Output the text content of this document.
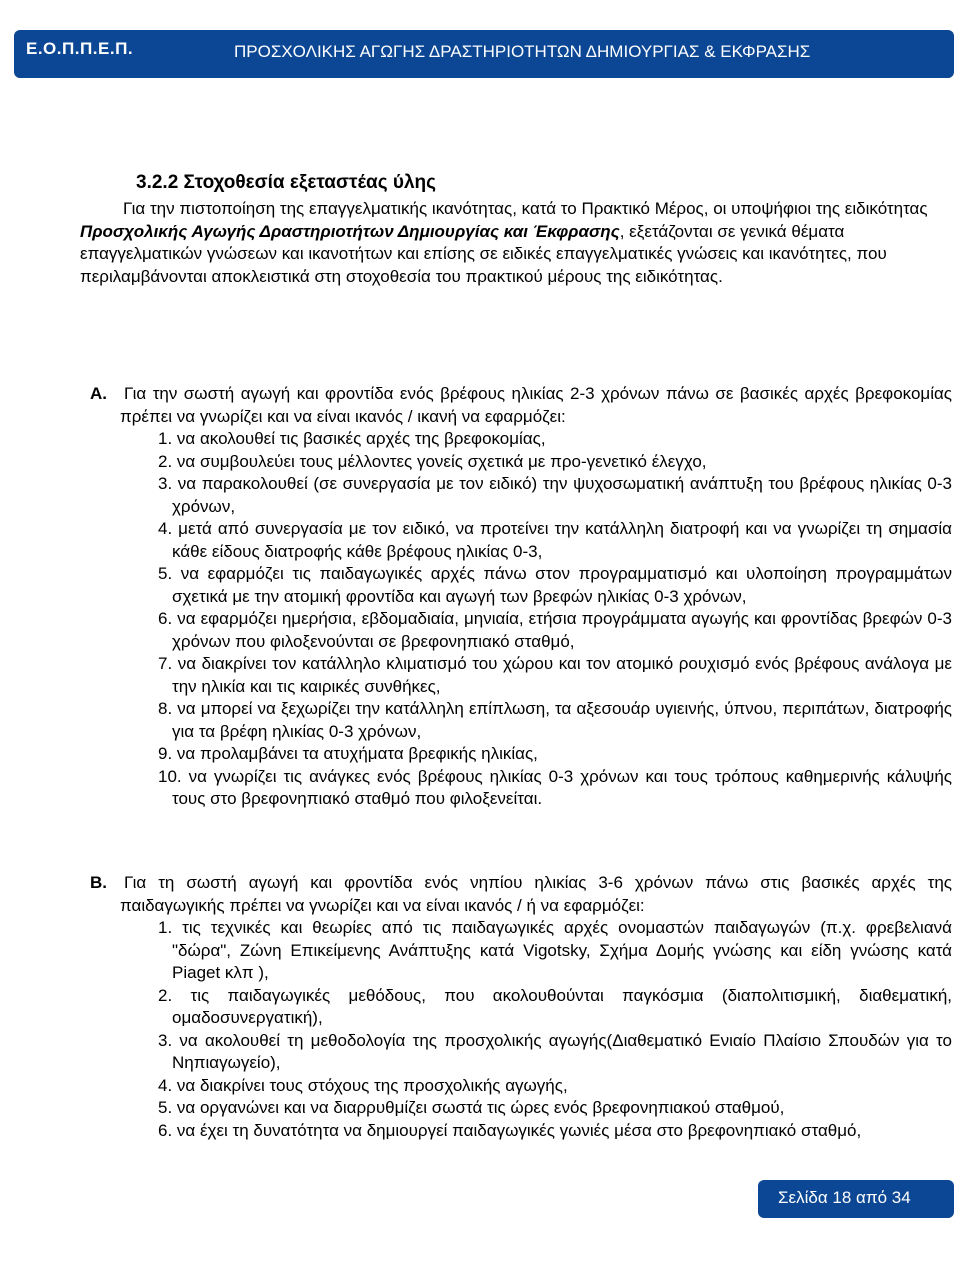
Ε.Ο.Π.Π.Ε.Π.	ΠΡΟΣΧΟΛΙΚΗΣ ΑΓΩΓΗΣ ΔΡΑΣΤΗΡΙΟΤΗΤΩΝ ΔΗΜΙΟΥΡΓΙΑΣ & ΕΚΦΡΑΣΗΣ
3.2.2 Στοχοθεσία εξεταστέας ύλης

Για την πιστοποίηση της επαγγελματικής ικανότητας, κατά το Πρακτικό Μέρος, οι υποψήφιοι της ειδικότητας Προσχολικής Αγωγής Δραστηριοτήτων Δημιουργίας και Έκφρασης, εξετάζονται σε γενικά θέματα επαγγελματικών γνώσεων και ικανοτήτων και επίσης σε ειδικές επαγγελματικές γνώσεις και ικανότητες, που περιλαμβάνονται αποκλειστικά στη στοχοθεσία του πρακτικού μέρους της ειδικότητας.

Α. Για την σωστή αγωγή και φροντίδα ενός βρέφους ηλικίας 2-3 χρόνων πάνω σε βασικές αρχές βρεφοκομίας πρέπει να γνωρίζει και να είναι ικανός / ικανή να εφαρμόζει:

1. να ακολουθεί τις βασικές αρχές της βρεφοκομίας,
2. να συμβουλεύει τους μέλλοντες γονείς σχετικά με προ-γενετικό έλεγχο,
3. να παρακολουθεί (σε συνεργασία με τον ειδικό) την ψυχοσωματική ανάπτυξη του βρέφους ηλικίας 0-3 χρόνων,
4. μετά από συνεργασία με τον ειδικό, να προτείνει την κατάλληλη διατροφή και να γνωρίζει τη σημασία κάθε είδους διατροφής κάθε βρέφους ηλικίας 0-3,
5. να εφαρμόζει τις παιδαγωγικές αρχές πάνω στον προγραμματισμό και υλοποίηση προγραμμάτων σχετικά με την ατομική φροντίδα και αγωγή των βρεφών ηλικίας 0-3 χρόνων,
6. να εφαρμόζει ημερήσια, εβδομαδιαία, μηνιαία, ετήσια προγράμματα αγωγής και φροντίδας βρεφών 0-3 χρόνων που φιλοξενούνται σε βρεφονηπιακό σταθμό,
7. να διακρίνει τον κατάλληλο κλιματισμό του χώρου και τον ατομικό ρουχισμό ενός βρέφους ανάλογα με την ηλικία και τις καιρικές συνθήκες,
8. να μπορεί να ξεχωρίζει την κατάλληλη επίπλωση, τα αξεσουάρ υγιεινής, ύπνου, περιπάτων, διατροφής για τα βρέφη ηλικίας 0-3 χρόνων,
9. να προλαμβάνει τα ατυχήματα βρεφικής ηλικίας,
10. να γνωρίζει τις ανάγκες ενός βρέφους ηλικίας 0-3 χρόνων και τους τρόπους καθημερινής κάλυψής τους στο βρεφονηπιακό σταθμό που φιλοξενείται.

Β. Για τη σωστή αγωγή και φροντίδα ενός νηπίου ηλικίας 3-6 χρόνων πάνω στις βασικές αρχές της παιδαγωγικής πρέπει να γνωρίζει και να είναι ικανός / ή να εφαρμόζει:

1. τις τεχνικές και θεωρίες από τις παιδαγωγικές αρχές ονομαστών παιδαγωγών (π.χ. φρεβελιανά "δώρα", Ζώνη Επικείμενης Ανάπτυξης κατά Vigotsky, Σχήμα Δομής γνώσης και είδη γνώσης κατά Piaget κλπ ),
2. τις παιδαγωγικές μεθόδους, που ακολουθούνται παγκόσμια (διαπολιτισμική, διαθεματική, ομαδοσυνεργατική),
3. να ακολουθεί τη μεθοδολογία της προσχολικής αγωγής(Διαθεματικό Ενιαίο Πλαίσιο Σπουδών για το Νηπιαγωγείο),
4. να διακρίνει τους στόχους της προσχολικής αγωγής,
5. να οργανώνει και να διαρρυθμίζει σωστά τις ώρες ενός βρεφονηπιακού σταθμού,
6. να έχει τη δυνατότητα να δημιουργεί παιδαγωγικές γωνιές μέσα στο βρεφονηπιακό σταθμό,
Σελίδα 18 από 34
